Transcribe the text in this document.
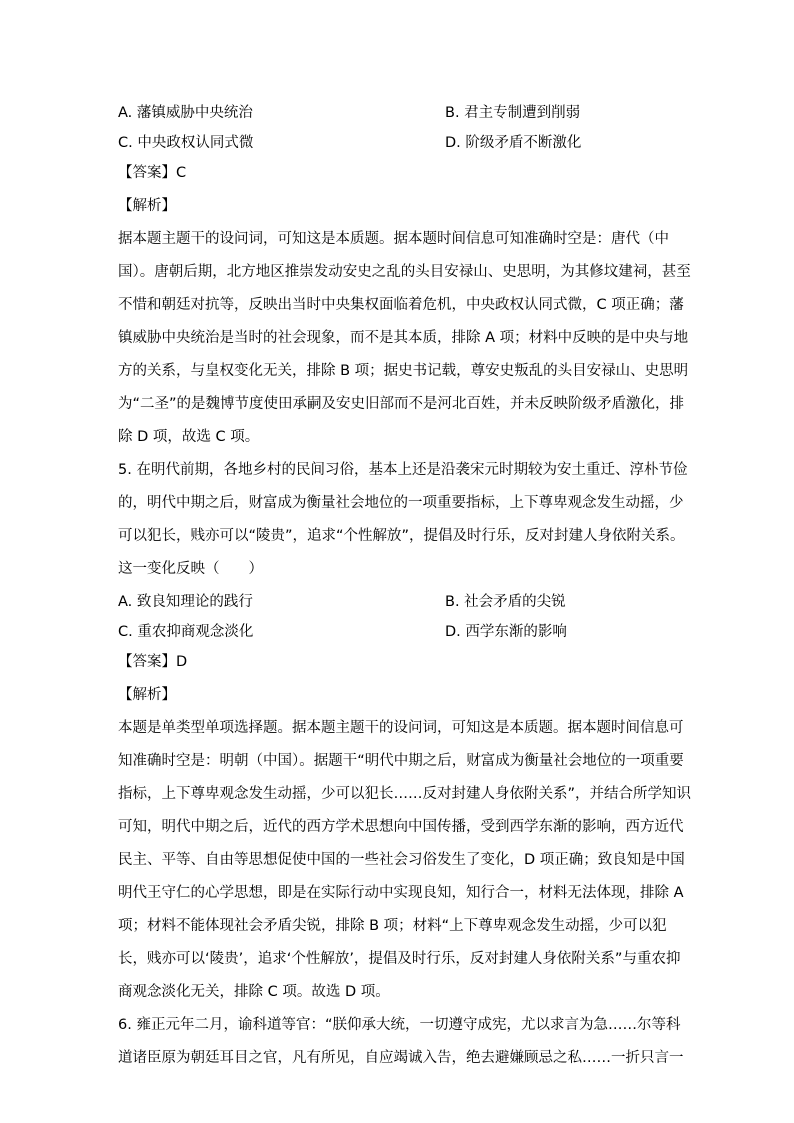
A. 藩镇威胁中央统治	B. 君主专制遭到削弱
C. 中央政权认同式微	D. 阶级矛盾不断激化
【答案】C
【解析】
据本题主题干的设问词，可知这是本质题。据本题时间信息可知准确时空是：唐代（中
国）。唐朝后期，北方地区推崇发动安史之乱的头目安禄山、史思明，为其修坟建祠，甚至
不惜和朝廷对抗等，反映出当时中央集权面临着危机，中央政权认同式微，C 项正确；藩
镇威胁中央统治是当时的社会现象，而不是其本质，排除 A 项；材料中反映的是中央与地
方的关系，与皇权变化无关，排除 B 项；据史书记载，尊安史叛乱的头目安禄山、史思明
为“二圣”的是魏博节度使田承嗣及安史旧部而不是河北百姓，并未反映阶级矛盾激化，排
除 D 项，故选 C 项。
5. 在明代前期，各地乡村的民间习俗，基本上还是沿袭宋元时期较为安土重迁、淳朴节俭
的，明代中期之后，财富成为衡量社会地位的一项重要指标，上下尊卑观念发生动摇，少
可以犯长，贱亦可以“陵贵”，追求“个性解放”，提倡及时行乐，反对封建人身依附关系。
这一变化反映（　　）
A. 致良知理论的践行	B. 社会矛盾的尖锐
C. 重农抑商观念淡化	D. 西学东渐的影响
【答案】D
【解析】
本题是单类型单项选择题。据本题主题干的设问词，可知这是本质题。据本题时间信息可
知准确时空是：明朝（中国）。据题干“明代中期之后，财富成为衡量社会地位的一项重要
指标，上下尊卑观念发生动摇，少可以犯长……反对封建人身依附关系”，并结合所学知识
可知，明代中期之后，近代的西方学术思想向中国传播，受到西学东渐的影响，西方近代
民主、平等、自由等思想促使中国的一些社会习俗发生了变化，D 项正确；致良知是中国
明代王守仁的心学思想，即是在实际行动中实现良知，知行合一，材料无法体现，排除 A
项；材料不能体现社会矛盾尖锐，排除 B 项；材料“上下尊卑观念发生动摇，少可以犯
长，贱亦可以‘陵贵’，追求‘个性解放’，提倡及时行乐，反对封建人身依附关系”与重农抑
商观念淡化无关，排除 C 项。故选 D 项。
6. 雍正元年二月，谕科道等官：“朕仰承大统，一切遵守成宪，尤以求言为急……尔等科
道诸臣原为朝廷耳目之官，凡有所见，自应竭诚入告，绝去避嫌顾忌之私……一折只言一
